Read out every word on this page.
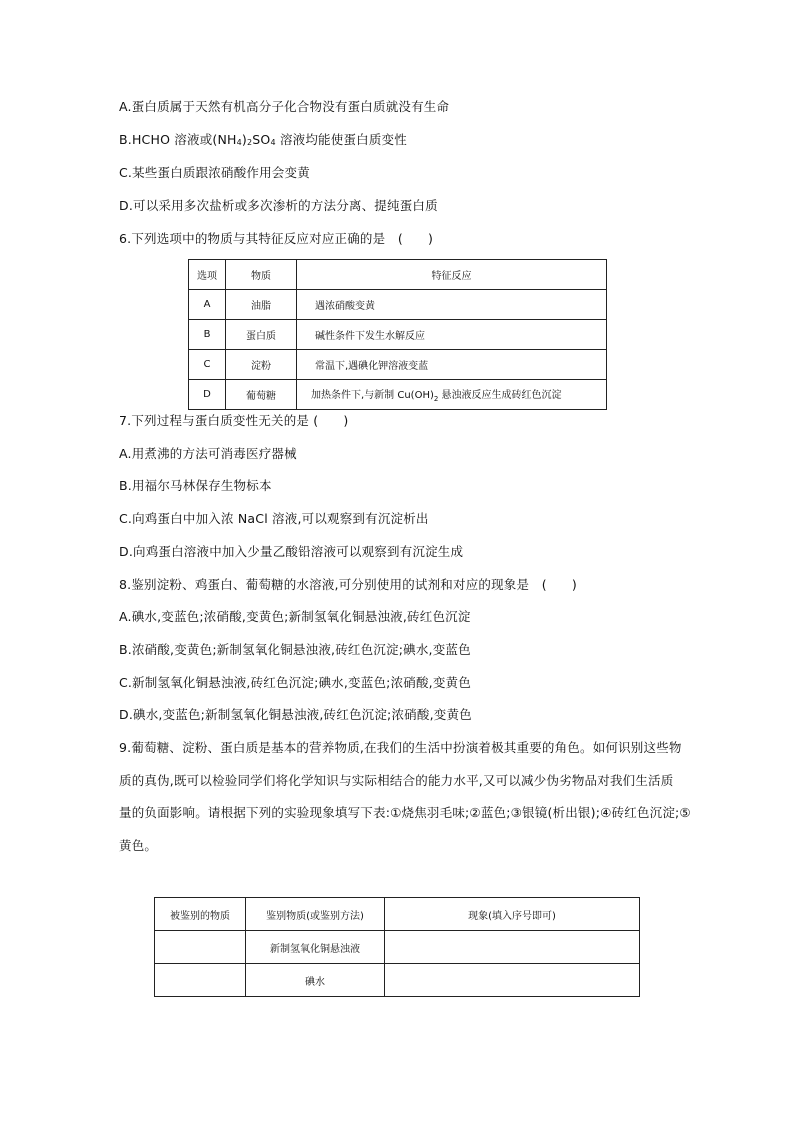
A.蛋白质属于天然有机高分子化合物没有蛋白质就没有生命
B.HCHO 溶液或$(NH_4)_2SO_4$ 溶液均能使蛋白质变性
C.某些蛋白质跟浓硝酸作用会变黄
D.可以采用多次盐析或多次渗析的方法分离、提纯蛋白质
6.下列选项中的物质与其特征反应对应正确的是   (      )
选项	物质	特征反应
A	油脂	遇浓硝酸变黄
B	蛋白质	碱性条件下发生水解反应
C	淀粉	常温下,遇碘化钾溶液变蓝
D	葡萄糖	加热条件下,与新制 $Cu(OH)_2$ 悬浊液反应生成砖红色沉淀
7.下列过程与蛋白质变性无关的是 (      )
A.用煮沸的方法可消毒医疗器械
B.用福尔马林保存生物标本
C.向鸡蛋白中加入浓 NaCl 溶液,可以观察到有沉淀析出
D.向鸡蛋白溶液中加入少量乙酸铅溶液可以观察到有沉淀生成
8.鉴别淀粉、鸡蛋白、葡萄糖的水溶液,可分别使用的试剂和对应的现象是   (      )
A.碘水,变蓝色;浓硝酸,变黄色;新制氢氧化铜悬浊液,砖红色沉淀
B.浓硝酸,变黄色;新制氢氧化铜悬浊液,砖红色沉淀;碘水,变蓝色
C.新制氢氧化铜悬浊液,砖红色沉淀;碘水,变蓝色;浓硝酸,变黄色
D.碘水,变蓝色;新制氢氧化铜悬浊液,砖红色沉淀;浓硝酸,变黄色
9.葡萄糖、淀粉、蛋白质是基本的营养物质,在我们的生活中扮演着极其重要的角色。如何识别这些物
质的真伪,既可以检验同学们将化学知识与实际相结合的能力水平,又可以减少伪劣物品对我们生活质
量的负面影响。请根据下列的实验现象填写下表:①烧焦羽毛味;②蓝色;③银镜(析出银);④砖红色沉淀;⑤
黄色。
被鉴别的物质	鉴别物质(或鉴别方法)	现象(填入序号即可)
	新制氢氧化铜悬浊液	
	碘水	
